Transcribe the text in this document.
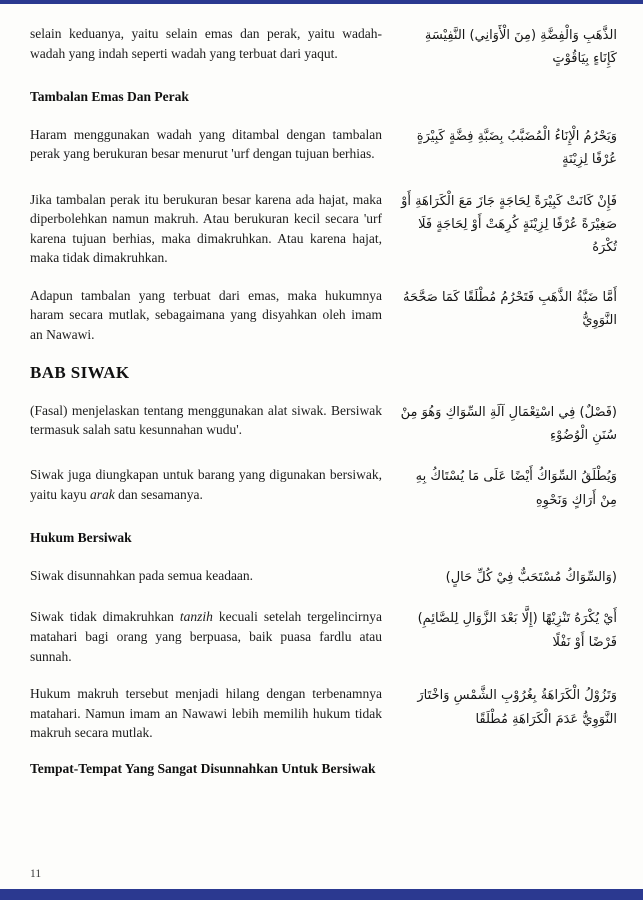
selain keduanya, yaitu selain emas dan perak, yaitu wadah-wadah yang indah seperti wadah yang terbuat dari yaqut.

الذَّهَبِ وَالْفِضَّةِ (مِنَ الْأَوَانِي) النَّفِيْسَةِ كَإِنَاءٍ بِيَاقُوْتٍ

Tambalan Emas Dan Perak

Haram menggunakan wadah yang ditambal dengan tambalan perak yang berukuran besar menurut 'urf dengan tujuan berhias.

وَيَحْرُمُ الْإِنَاءُ الْمُضَبَّبُ بِضَبَّةِ فِضَّةٍ كَبِيْرَةٍ عُرْفًا لِزِيْنَةٍ

Jika tambalan perak itu berukuran besar karena ada hajat, maka diperbolehkan namun makruh. Atau berukuran kecil secara 'urf karena tujuan berhias, maka dimakruhkan. Atau karena hajat, maka tidak dimakruhkan.

فَإِنْ كَانَتْ كَبِيْرَةً لِحَاجَةٍ جَازَ مَعَ الْكَرَاهَةِ أَوْ صَغِيْرَةً عُرْفًا لِزِيْنَةٍ كُرِهَتْ أَوْ لِحَاجَةٍ فَلَا تُكْرَهُ

Adapun tambalan yang terbuat dari emas, maka hukumnya haram secara mutlak, sebagaimana yang disyahkan oleh imam an Nawawi.

أَمَّا ضَبَّةُ الذَّهَبِ فَتَحْرُمُ مُطْلَقًا كَمَا صَحَّحَهُ النَّوَوِيُّ

BAB SIWAK

(Fasal) menjelaskan tentang menggunakan alat siwak. Bersiwak termasuk salah satu kesunnahan wudu'.

(فَصْلٌ) فِي اسْتِعْمَالِ آلَةِ السِّوَاكِ وَهُوَ مِنْ سُنَنِ الْوُضُوْءِ

Siwak juga diungkapan untuk barang yang digunakan bersiwak, yaitu kayu arak dan sesamanya.

وَيُطْلَقُ السِّوَاكُ أَيْضًا عَلَى مَا يُسْتَاكُ بِهِ مِنْ أَرَاكٍ وَنَحْوِهِ

Hukum Bersiwak

Siwak disunnahkan pada semua keadaan.	(وَالسِّوَاكُ مُسْتَحَبٌّ فِيْ كُلِّ حَالٍ)

Siwak tidak dimakruhkan tanzih kecuali setelah tergelincirnya matahari bagi orang yang berpuasa, baik puasa fardlu atau sunnah.

أَيْ يُكْرَهُ تَنْزِيْهًا (إِلَّا بَعْدَ الزَّوَالِ لِلصَّائِمِ) فَرْضًا أَوْ نَفْلًا

Hukum makruh tersebut menjadi hilang dengan terbenamnya matahari. Namun imam an Nawawi lebih memilih hukum tidak makruh secara mutlak.

وَتَزُوْلُ الْكَرَاهَةُ بِغُرُوْبِ الشَّمْسِ وَاخْتَارَ النَّوَوِيُّ عَدَمَ الْكَرَاهَةِ مُطْلَقًا

Tempat-Tempat Yang Sangat Disunnahkan Untuk Bersiwak
11
